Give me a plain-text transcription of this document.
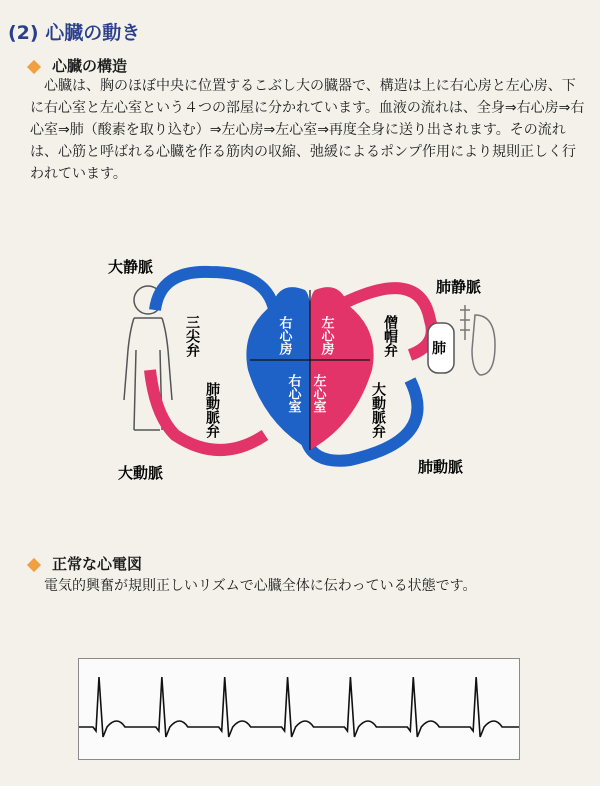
(2) 心臓の動き
心臓の構造
心臓は、胸のほぼ中央に位置するこぶし大の臓器で、構造は上に右心房と左心房、下に右心室と左心室という４つの部屋に分かれています。血液の流れは、全身⇒右心房⇒右心室⇒肺（酸素を取り込む）⇒左心房⇒左心室⇒再度全身に送り出されます。その流れは、心筋と呼ばれる心臓を作る筋肉の収縮、弛緩によるポンプ作用により規則正しく行われています。
大静脈
肺静脈
大動脈	肺動脈
肺
三尖弁	僧帽弁
肺動脈弁	大動脈弁
右心房
右心室
左心房
左心室
正常な心電図
電気的興奮が規則正しいリズムで心臓全体に伝わっている状態です。
